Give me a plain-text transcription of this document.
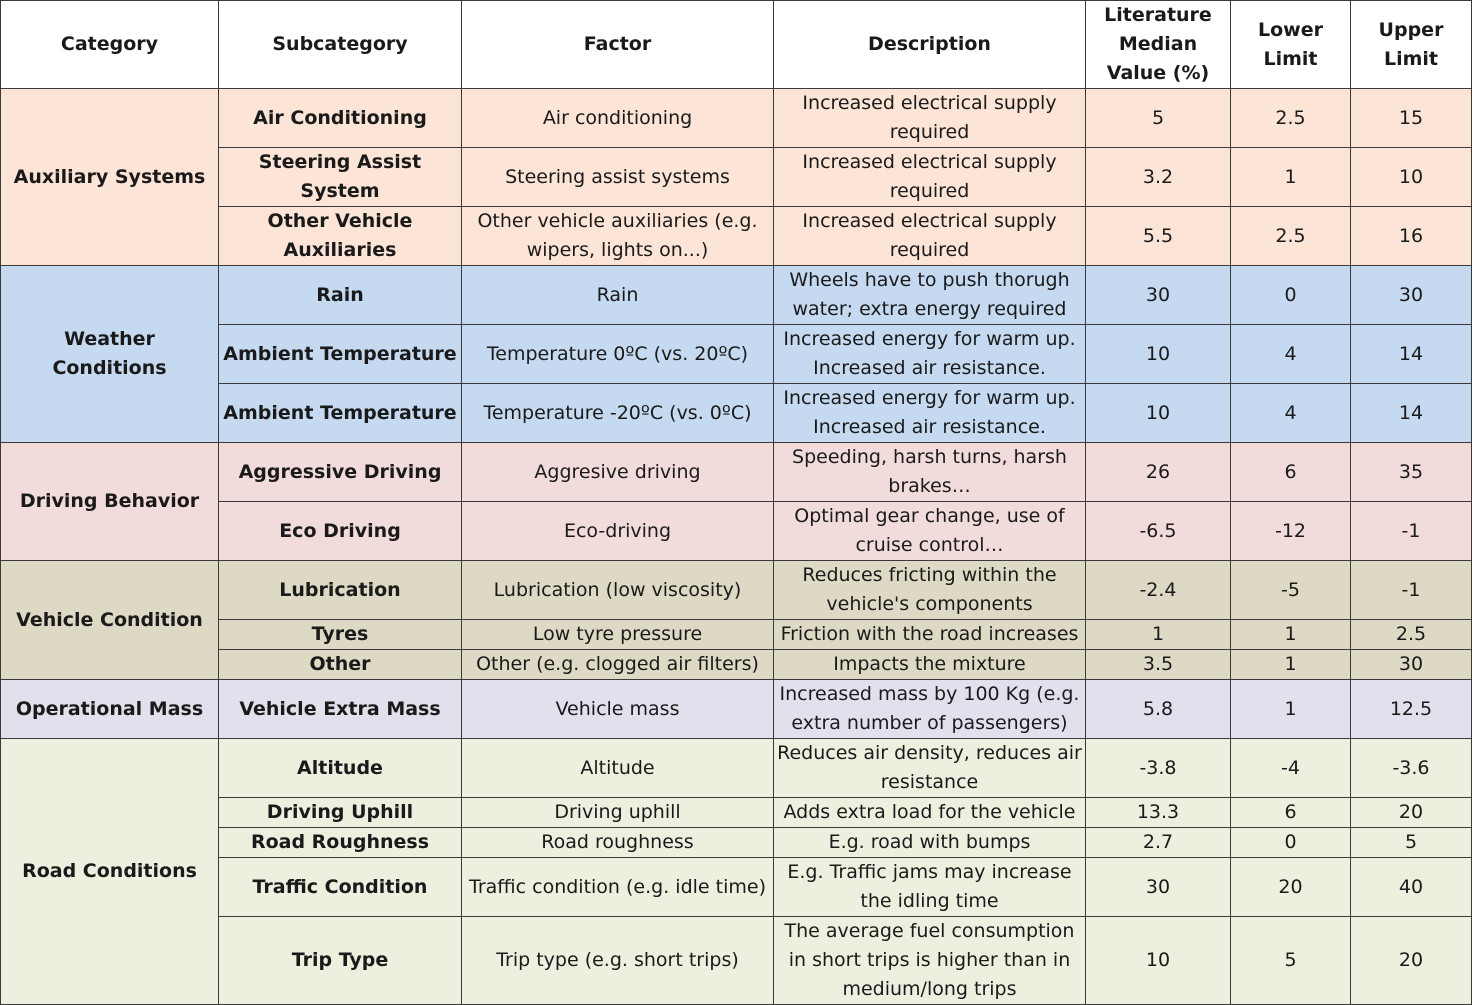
Category	Subcategory	Factor	Description	Literature Median Value (%)	Lower Limit	Upper Limit
Auxiliary Systems	Air Conditioning	Air conditioning	Increased electrical supply required	5	2.5	15
	Steering Assist System	Steering assist systems	Increased electrical supply required	3.2	1	10
	Other Vehicle Auxiliaries	Other vehicle auxiliaries (e.g. wipers, lights on...)	Increased electrical supply required	5.5	2.5	16
Weather Conditions	Rain	Rain	Wheels have to push thorugh water; extra energy required	30	0	30
	Ambient Temperature	Temperature 0ºC (vs. 20ºC)	Increased energy for warm up. Increased air resistance.	10	4	14
	Ambient Temperature	Temperature -20ºC (vs. 0ºC)	Increased energy for warm up. Increased air resistance.	10	4	14
Driving Behavior	Aggressive Driving	Aggresive driving	Speeding, harsh turns, harsh brakes…	26	6	35
	Eco Driving	Eco-driving	Optimal gear change, use of cruise control…	-6.5	-12	-1
Vehicle Condition	Lubrication	Lubrication (low viscosity)	Reduces fricting within the vehicle's components	-2.4	-5	-1
	Tyres	Low tyre pressure	Friction with the road increases	1	1	2.5
	Other	Other (e.g. clogged air filters)	Impacts the mixture	3.5	1	30
Operational Mass	Vehicle Extra Mass	Vehicle mass	Increased mass by 100 Kg (e.g. extra number of passengers)	5.8	1	12.5
Road Conditions	Altitude	Altitude	Reduces air density, reduces air resistance	-3.8	-4	-3.6
	Driving Uphill	Driving uphill	Adds extra load for the vehicle	13.3	6	20
	Road Roughness	Road roughness	E.g. road with bumps	2.7	0	5
	Traffic Condition	Traffic condition (e.g. idle time)	E.g. Traffic jams may increase the idling time	30	20	40
	Trip Type	Trip type (e.g. short trips)	The average fuel consumption in short trips is higher than in medium/long trips	10	5	20
